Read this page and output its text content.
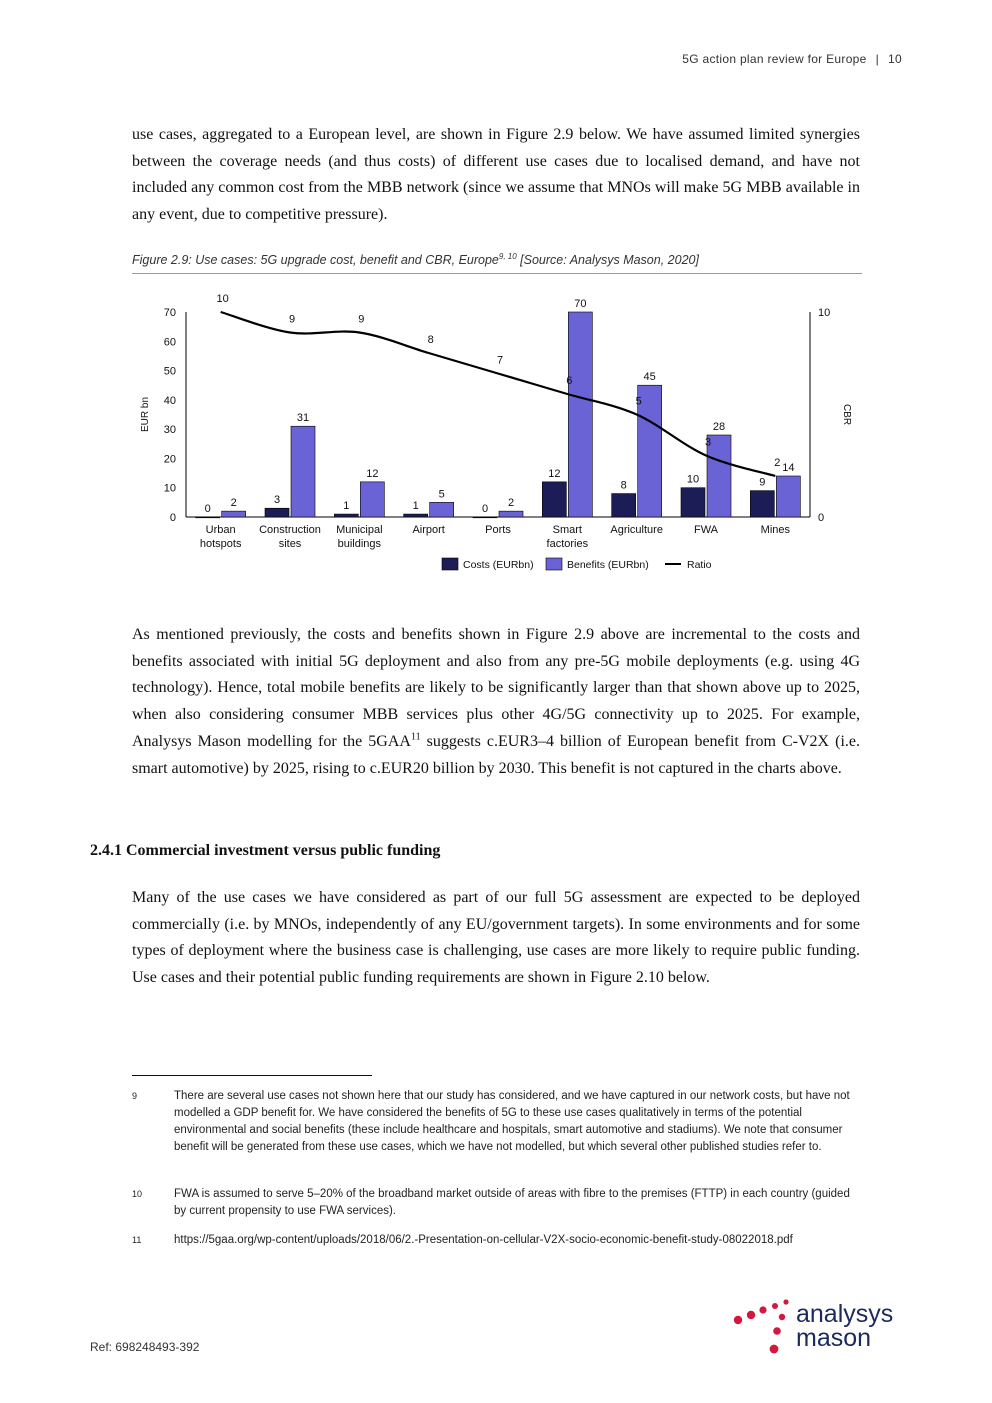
5G action plan review for Europe | 10

use cases, aggregated to a European level, are shown in Figure 2.9 below. We have assumed limited synergies between the coverage needs (and thus costs) of different use cases due to localised demand, and have not included any common cost from the MBB network (since we assume that MNOs will make 5G MBB available in any event, due to competitive pressure).

Figure 2.9: Use cases: 5G upgrade cost, benefit and CBR, Europe$^{9, 10}$ [Source: Analysys Mason, 2020]
0
10
20
30
40
50
60
70
0
10
EUR bn	CBR
0 2
Urban
hotspots
3
31
Construction
sites
1
12
Municipal
buildings
1
5
Airport
0 2
Ports
12
70
Smart
factories
8
45
Agriculture
10
28
FWA
9
14
Mines
10
9	9
8
7
6
5
3
2
Costs (EURbn)	Benefits (EURbn)	Ratio

As mentioned previously, the costs and benefits shown in Figure 2.9 above are incremental to the costs and benefits associated with initial 5G deployment and also from any pre-5G mobile deployments (e.g. using 4G technology). Hence, total mobile benefits are likely to be significantly larger than that shown above up to 2025, when also considering consumer MBB services plus other 4G/5G connectivity up to 2025. For example, Analysys Mason modelling for the 5GAA$^{11}$ suggests c.EUR3–4 billion of European benefit from C-V2X (i.e. smart automotive) by 2025, rising to c.EUR20 billion by 2030. This benefit is not captured in the charts above.

2.4.1 Commercial investment versus public funding

Many of the use cases we have considered as part of our full 5G assessment are expected to be deployed commercially (i.e. by MNOs, independently of any EU/government targets). In some environments and for some types of deployment where the business case is challenging, use cases are more likely to require public funding. Use cases and their potential public funding requirements are shown in Figure 2.10 below.

9	There are several use cases not shown here that our study has considered, and we have captured in our network costs, but have not modelled a GDP benefit for. We have considered the benefits of 5G to these use cases qualitatively in terms of the potential environmental and social benefits (these include healthcare and hospitals, smart automotive and stadiums). We note that consumer benefit will be generated from these use cases, which we have not modelled, but which several other published studies refer to.
10	FWA is assumed to serve 5–20% of the broadband market outside of areas with fibre to the premises (FTTP) in each country (guided by current propensity to use FWA services).
11	https://5gaa.org/wp-content/uploads/2018/06/2.-Presentation-on-cellular-V2X-socio-economic-benefit-study-08022018.pdf
Ref: 698248493-392
analysys
mason
